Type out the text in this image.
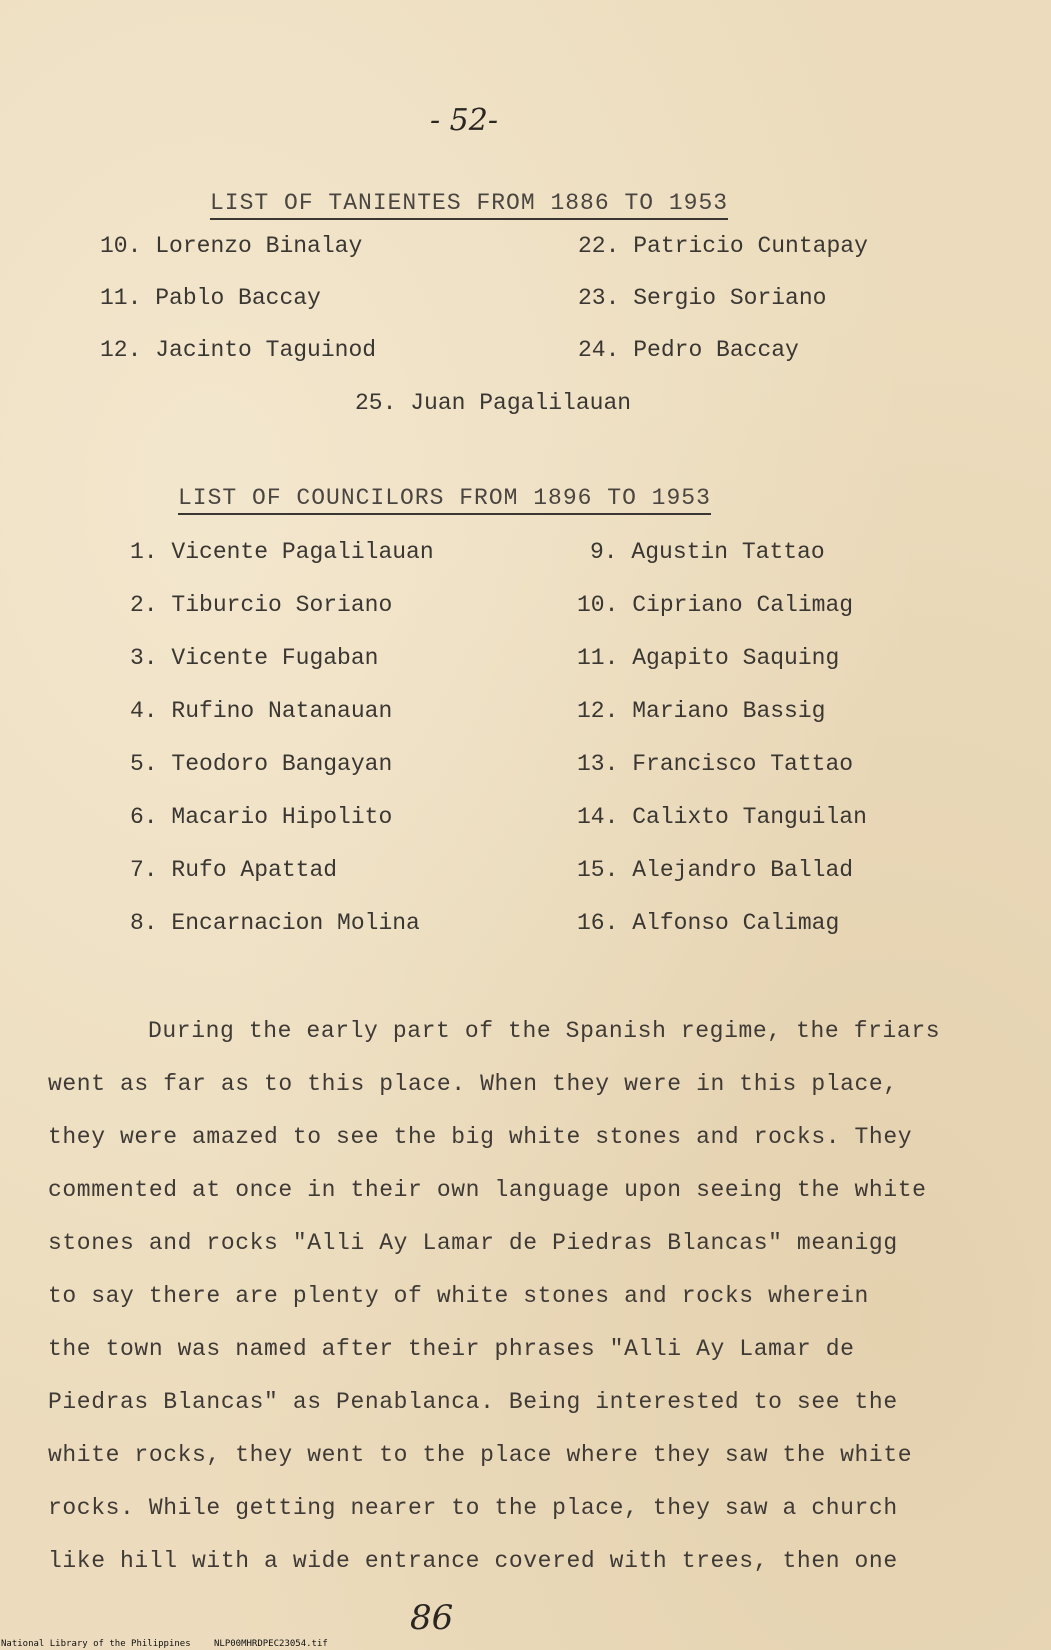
- 52-
LIST OF TANIENTES FROM 1886 TO 1953
10. Lorenzo Binalay
11. Pablo Baccay
12. Jacinto Taguinod
22. Patricio Cuntapay
23. Sergio Soriano
24. Pedro Baccay
25. Juan Pagalilauan
LIST OF COUNCILORS FROM 1896 TO 1953
1. Vicente Pagalilauan
2. Tiburcio Soriano
3. Vicente Fugaban
4. Rufino Natanauan
5. Teodoro Bangayan
6. Macario Hipolito
7. Rufo Apattad
8. Encarnacion Molina
9. Agustin Tattao
10. Cipriano Calimag
11. Agapito Saquing
12. Mariano Bassig
13. Francisco Tattao
14. Calixto Tanguilan
15. Alejandro Ballad
16. Alfonso Calimag
During the early part of the Spanish regime, the friars
went as far as to this place. When they were in this place,
they were amazed to see the big white stones and rocks. They
commented at once in their own language upon seeing the white
stones and rocks "Alli Ay Lamar de Piedras Blancas" meanigg
to say there are plenty of white stones and rocks wherein
the town was named after their phrases "Alli Ay Lamar de
Piedras Blancas" as Penablanca. Being interested to see the
white rocks, they went to the place where they saw the white
rocks. While getting nearer to the place, they saw a church
like hill with a wide entrance covered with trees, then one
86
National Library of the Philippines	NLP00MHRDPEC23054.tif
